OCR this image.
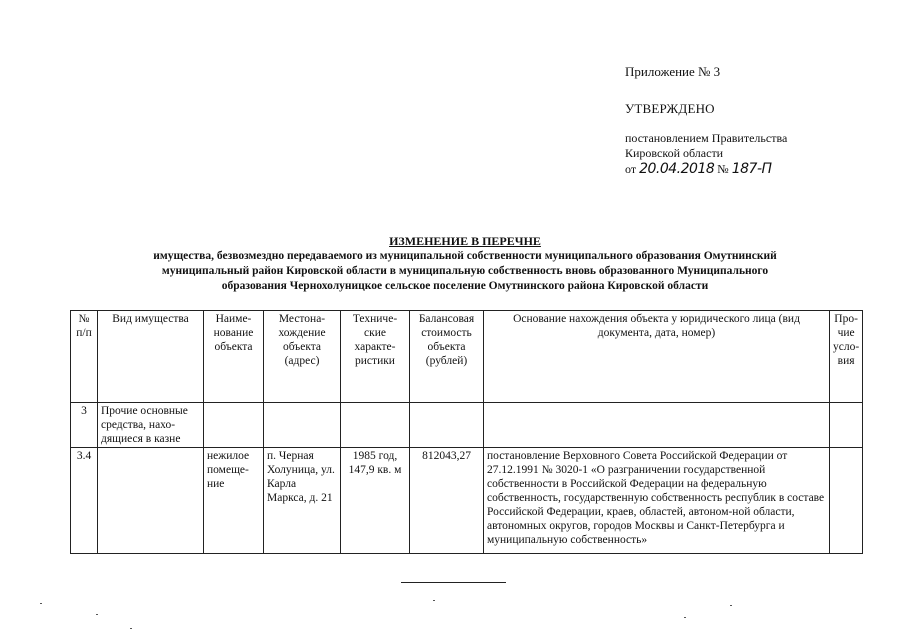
Приложение № 3
УТВЕРЖДЕНО
постановлением Правительства
Кировской области
от 20.04.2018 № 187-П
ИЗМЕНЕНИЕ В ПЕРЕЧНЕ
имущества, безвозмездно передаваемого из муниципальной собственности муниципального образования Омутнинский
муниципальный район Кировской области в муниципальную собственность вновь образованного Муниципального
образования Чернохолуницкое сельское поселение Омутнинского района Кировской области
№ п/п	Вид имущества	Наиме-нование объекта	Местона-хождение объекта (адрес)	Техниче-ские характе-ристики	Балансовая стоимость объекта (рублей)	Основание нахождения объекта у юридического лица (вид документа, дата, номер)	Про-чие усло-вия
3	Прочие основные средства, нахо-дящиеся в казне						
3.4		нежилое помеще-ние	п. Черная Холуница, ул. Карла Маркса, д. 21	1985 год, 147,9 кв. м	812043,27	постановление Верховного Совета Российской Федерации от 27.12.1991 № 3020-1 «О разграничении государственной собственности в Российской Федерации на федеральную собственность, государственную собственность республик в составе Российской Федерации, краев, областей, автоном-ной области, автономных округов, городов Москвы и Санкт-Петербурга и муниципальную собственность»	
